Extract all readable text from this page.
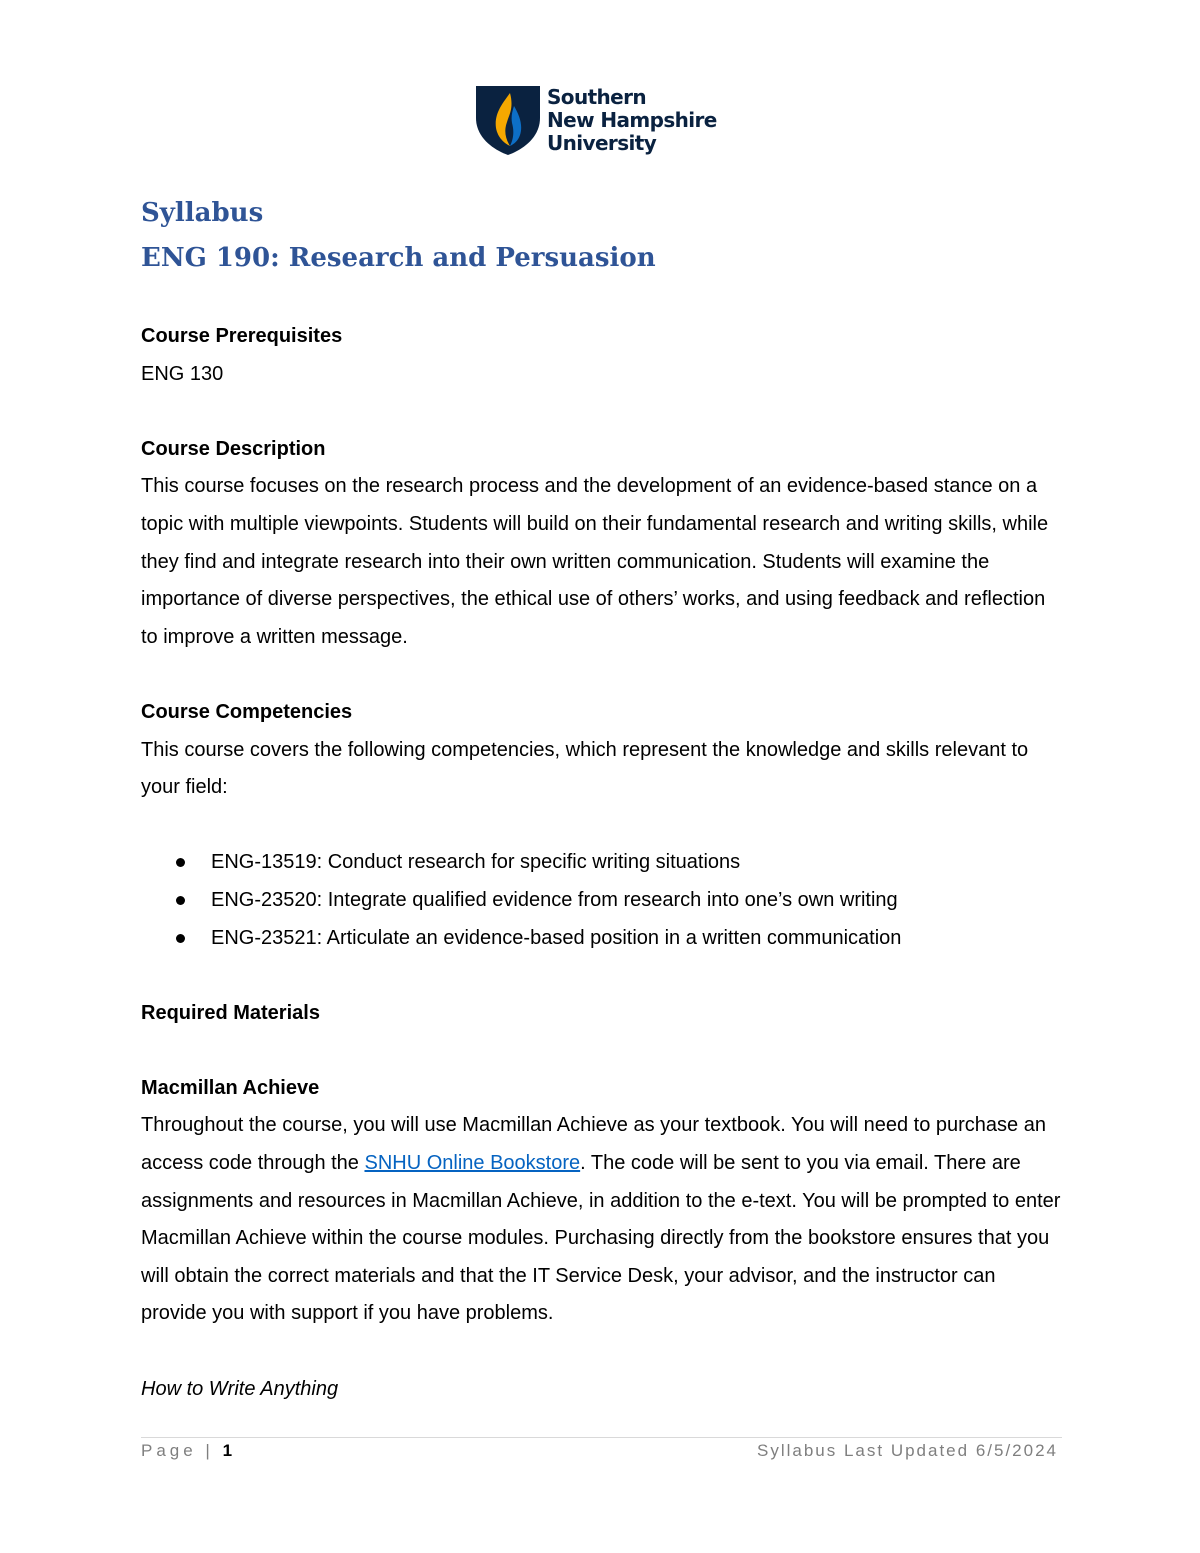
Southern
New Hampshire
University
Syllabus
ENG 190: Research and Persuasion

Course Prerequisites

ENG 130

Course Description

This course focuses on the research process and the development of an evidence-based stance on a topic with multiple viewpoints. Students will build on their fundamental research and writing skills, while they find and integrate research into their own written communication. Students will examine the importance of diverse perspectives, the ethical use of others’ works, and using feedback and reflection to improve a written message.

Course Competencies

This course covers the following competencies, which represent the knowledge and skills relevant to your field:

ENG-13519: Conduct research for specific writing situations
ENG-23520: Integrate qualified evidence from research into one’s own writing
ENG-23521: Articulate an evidence-based position in a written communication

Required Materials

Macmillan Achieve

Throughout the course, you will use Macmillan Achieve as your textbook. You will need to purchase an access code through the SNHU Online Bookstore. The code will be sent to you via email. There are assignments and resources in Macmillan Achieve, in addition to the e-text. You will be prompted to enter Macmillan Achieve within the course modules. Purchasing directly from the bookstore ensures that you will obtain the correct materials and that the IT Service Desk, your advisor, and the instructor can provide you with support if you have problems.

How to Write Anything

Page | 1	Syllabus Last Updated 6/5/2024
